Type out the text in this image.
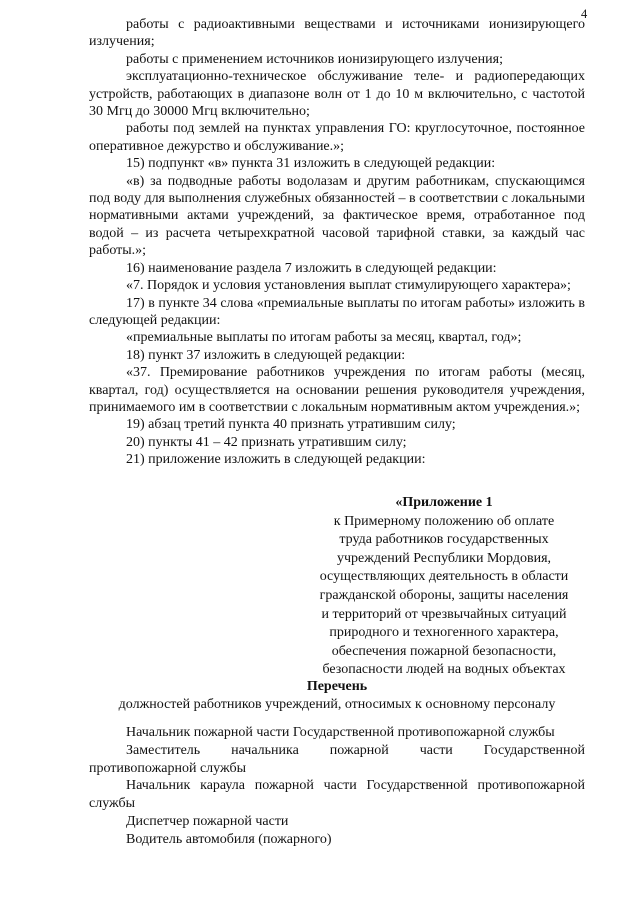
4

работы с радиоактивными веществами и источниками ионизирующего излучения;

работы с применением источников ионизирующего излучения;

эксплуатационно-техническое обслуживание теле- и радиопередающих устройств, работающих в диапазоне волн от 1 до 10 м включительно, с частотой 30 Мгц до 30000 Мгц включительно;

работы под землей на пунктах управления ГО: круглосуточное, постоянное оперативное дежурство и обслуживание.»;

15) подпункт «в» пункта 31 изложить в следующей редакции:

«в) за подводные работы водолазам и другим работникам, спускающимся под воду для выполнения служебных обязанностей – в соответствии с локальными нормативными актами учреждений, за фактическое время, отработанное под водой – из расчета четырехкратной часовой тарифной ставки, за каждый час работы.»;

16) наименование раздела 7 изложить в следующей редакции:

«7. Порядок и условия установления выплат стимулирующего характера»;

17) в пункте 34 слова «премиальные выплаты по итогам работы» изложить в следующей редакции:

«премиальные выплаты по итогам работы за месяц, квартал, год»;

18) пункт 37 изложить в следующей редакции:

«37. Премирование работников учреждения по итогам работы (месяц, квартал, год) осуществляется на основании решения руководителя учреждения, принимаемого им в соответствии с локальным нормативным актом учреждения.»;

19) абзац третий пункта 40 признать утратившим силу;

20) пункты 41 – 42 признать утратившим силу;

21) приложение изложить в следующей редакции:

«Приложение 1
к Примерному положению об оплате
труда работников государственных
учреждений Республики Мордовия,
осуществляющих деятельность в области
гражданской обороны, защиты населения
и территорий от чрезвычайных ситуаций
природного и техногенного характера,
обеспечения пожарной безопасности,
безопасности людей на водных объектах
Перечень
должностей работников учреждений, относимых к основному персоналу

Начальник пожарной части Государственной противопожарной службы

Заместитель начальника пожарной части Государственной противопожарной службы

Начальник караула пожарной части Государственной противопожарной службы

Диспетчер пожарной части

Водитель автомобиля (пожарного)
